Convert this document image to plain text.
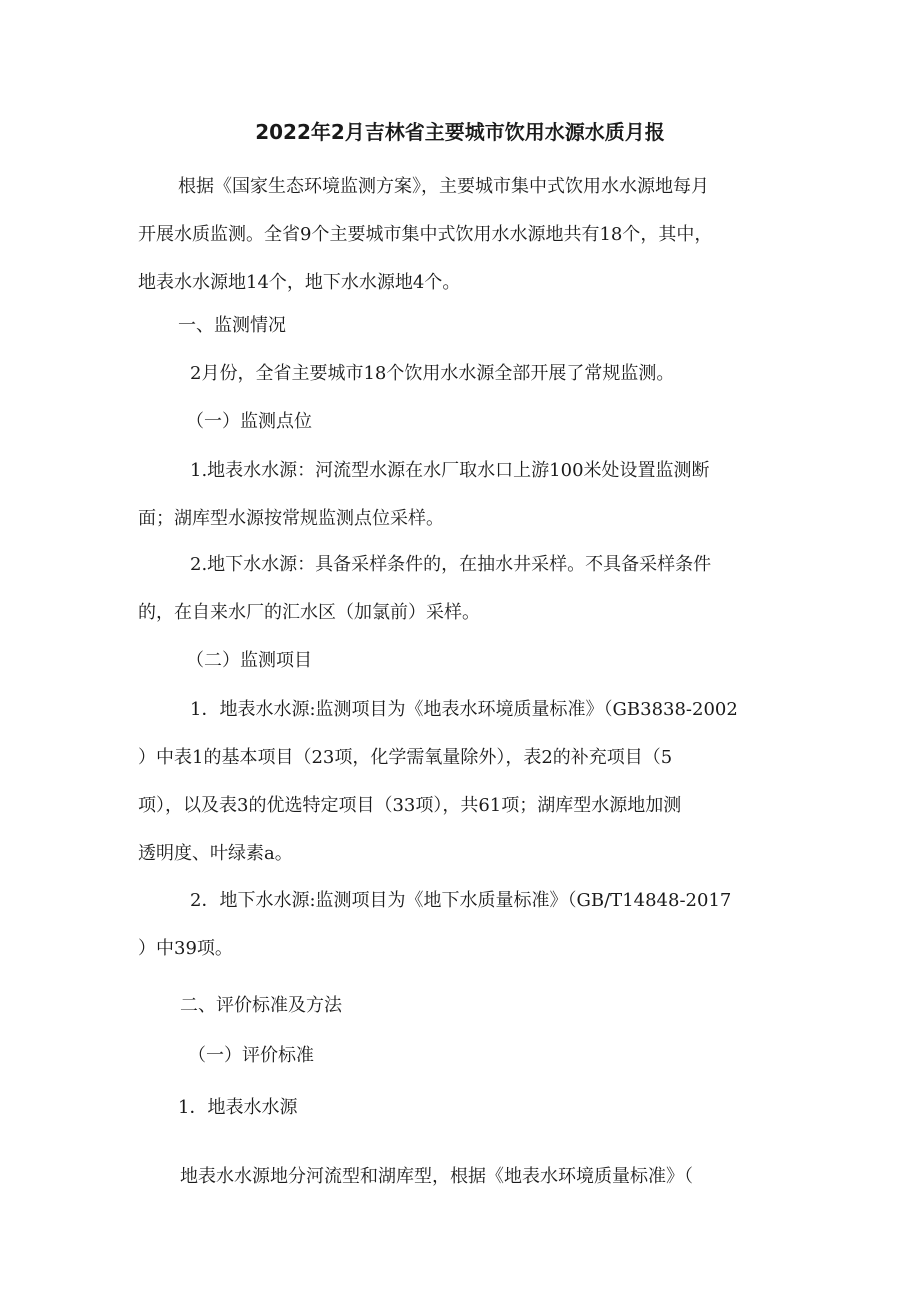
2022年2月吉林省主要城市饮用水源水质月报

根据《国家生态环境监测方案》，主要城市集中式饮用水水源地每月
开展水质监测。全省9个主要城市集中式饮用水水源地共有18个，其中，
地表水水源地14个，地下水水源地4个。

一、监测情况

2月份，全省主要城市18个饮用水水源全部开展了常规监测。

（一）监测点位

1.地表水水源：河流型水源在水厂取水口上游100米处设置监测断
面；湖库型水源按常规监测点位采样。

2.地下水水源：具备采样条件的，在抽水井采样。不具备采样条件
的，在自来水厂的汇水区（加氯前）采样。

（二）监测项目

1．地表水水源:监测项目为《地表水环境质量标准》（GB3838-2002
）中表1的基本项目（23项，化学需氧量除外），表2的补充项目（5
项），以及表3的优选特定项目（33项），共61项；湖库型水源地加测
透明度、叶绿素a。

2．地下水水源:监测项目为《地下水质量标准》（GB/T14848-2017
）中39项。

二、评价标准及方法

（一）评价标准

1．地表水水源

地表水水源地分河流型和湖库型，根据《地表水环境质量标准》（
